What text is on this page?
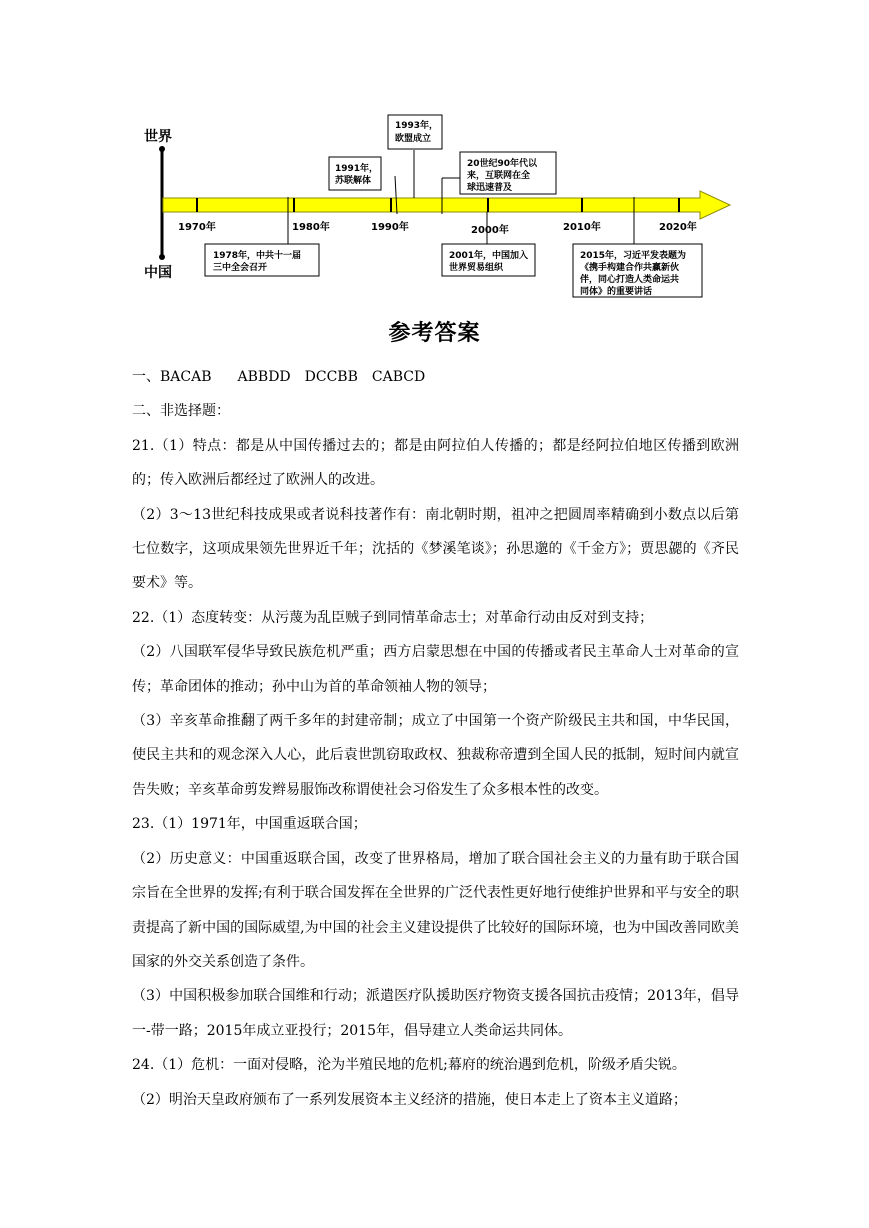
世界
中国
1970年	1980年	1990年	2000年	2010年	2020年
1993年，
欧盟成立
1991年，
苏联解体
20世纪90年代以
来，互联网在全
球迅速普及
1978年，中共十一届
三中全会召开
2001年，中国加入
世界贸易组织
2015年，习近平发表题为
《携手构建合作共赢新伙
伴，同心打造人类命运共
同体》的重要讲话
参考答案

一、BACAB ABBDD DCCBB CABCD

二、非选择题：

21.（1）特点：都是从中国传播过去的；都是由阿拉伯人传播的；都是经阿拉伯地区传播到欧洲的；传入欧洲后都经过了欧洲人的改进。

（2）3～13世纪科技成果或者说科技著作有：南北朝时期，祖冲之把圆周率精确到小数点以后第七位数字，这项成果领先世界近千年；沈括的《梦溪笔谈》；孙思邈的《千金方》；贾思勰的《齐民要术》等。

22.（1）态度转变：从污蔑为乱臣贼子到同情革命志士；对革命行动由反对到支持；

（2）八国联军侵华导致民族危机严重；西方启蒙思想在中国的传播或者民主革命人士对革命的宣传；革命团体的推动；孙中山为首的革命领袖人物的领导；

（3）辛亥革命推翻了两千多年的封建帝制；成立了中国第一个资产阶级民主共和国，中华民国，使民主共和的观念深入人心，此后袁世凯窃取政权、独裁称帝遭到全国人民的抵制，短时间内就宣告失败；辛亥革命剪发辫易服饰改称谓使社会习俗发生了众多根本性的改变。

23.（1）1971年，中国重返联合国；

（2）历史意义：中国重返联合国，改变了世界格局，增加了联合国社会主义的力量有助于联合国宗旨在全世界的发挥;有利于联合国发挥在全世界的广泛代表性更好地行使维护世界和平与安全的职责提高了新中国的国际威望,为中国的社会主义建设提供了比较好的国际环境，也为中国改善同欧美国家的外交关系创造了条件。

（3）中国积极参加联合国维和行动；派遣医疗队援助医疗物资支援各国抗击疫情；2013年，倡导一-带一路；2015年成立亚投行；2015年，倡导建立人类命运共同体。

24.（1）危机：一面对侵略，沦为半殖民地的危机;幕府的统治遇到危机，阶级矛盾尖锐。

（2）明治天皇政府颁布了一系列发展资本主义经济的措施，使日本走上了资本主义道路；
